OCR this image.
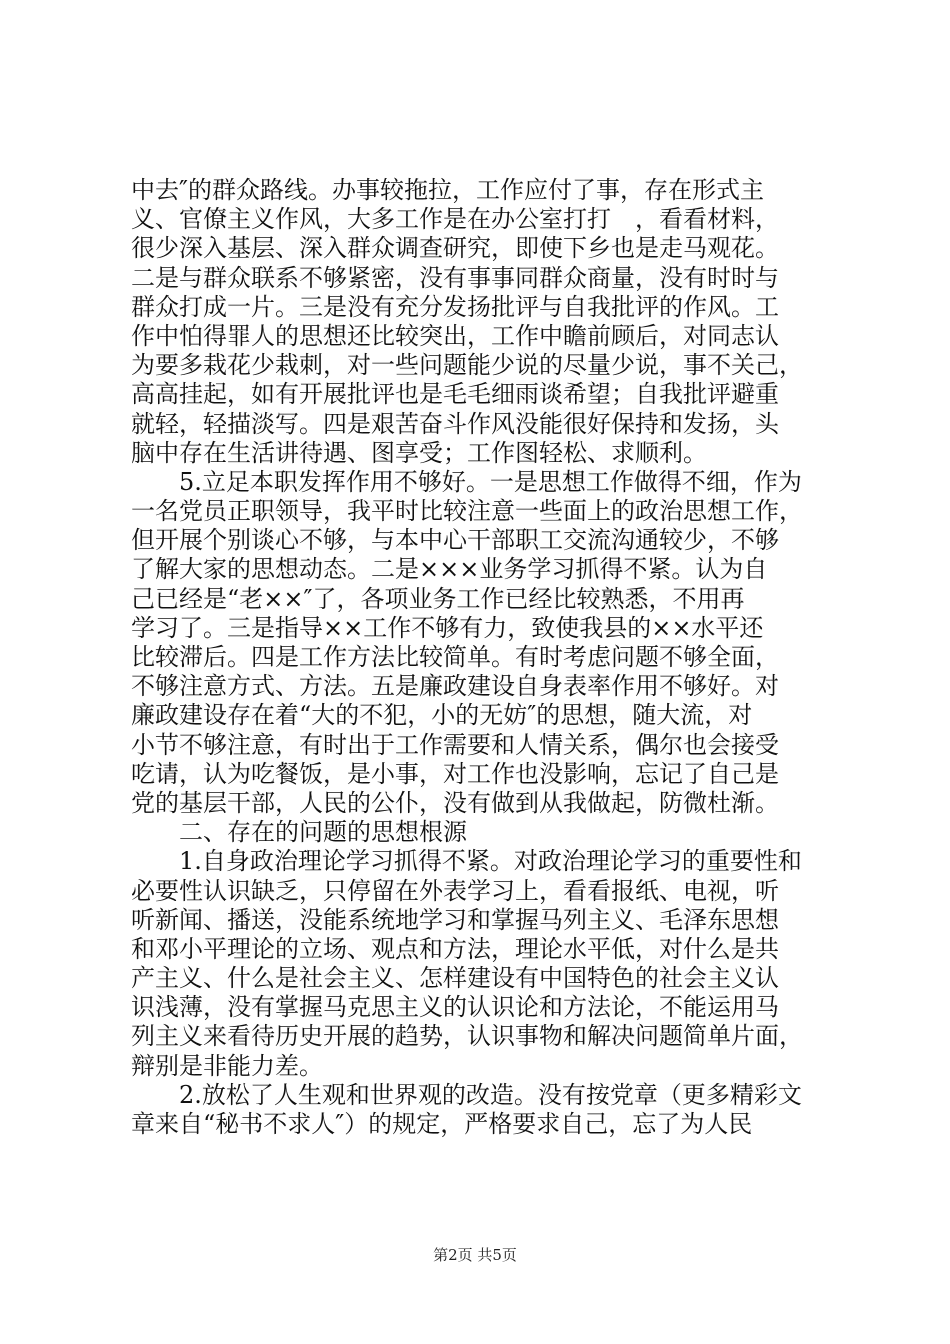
中去″的群众路线。办事较拖拉，工作应付了事，存在形式主
义、官僚主义作风，大多工作是在办公室打打　，看看材料，
很少深入基层、深入群众调查研究，即使下乡也是走马观花。
二是与群众联系不够紧密，没有事事同群众商量，没有时时与
群众打成一片。三是没有充分发扬批评与自我批评的作风。工
作中怕得罪人的思想还比较突出，工作中瞻前顾后，对同志认
为要多栽花少栽刺，对一些问题能少说的尽量少说，事不关己，
高高挂起，如有开展批评也是毛毛细雨谈希望；自我批评避重
就轻，轻描淡写。四是艰苦奋斗作风没能很好保持和发扬，头
脑中存在生活讲待遇、图享受；工作图轻松、求顺利。
　　5.立足本职发挥作用不够好。一是思想工作做得不细，作为
一名党员正职领导，我平时比较注意一些面上的政治思想工作，
但开展个别谈心不够，与本中心干部职工交流沟通较少，不够
了解大家的思想动态。二是×××业务学习抓得不紧。认为自
己已经是“老××″了，各项业务工作已经比较熟悉，不用再
学习了。三是指导××工作不够有力，致使我县的××水平还
比较滞后。四是工作方法比较简单。有时考虑问题不够全面，
不够注意方式、方法。五是廉政建设自身表率作用不够好。对
廉政建设存在着“大的不犯，小的无妨″的思想，随大流，对
小节不够注意，有时出于工作需要和人情关系，偶尔也会接受
吃请，认为吃餐饭，是小事，对工作也没影响，忘记了自己是
党的基层干部，人民的公仆，没有做到从我做起，防微杜渐。
　　二、存在的问题的思想根源
　　1.自身政治理论学习抓得不紧。对政治理论学习的重要性和
必要性认识缺乏，只停留在外表学习上，看看报纸、电视，听
听新闻、播送，没能系统地学习和掌握马列主义、毛泽东思想
和邓小平理论的立场、观点和方法，理论水平低，对什么是共
产主义、什么是社会主义、怎样建设有中国特色的社会主义认
识浅薄，没有掌握马克思主义的认识论和方法论，不能运用马
列主义来看待历史开展的趋势，认识事物和解决问题简单片面，
辩别是非能力差。
　　2.放松了人生观和世界观的改造。没有按党章（更多精彩文
章来自“秘书不求人″）的规定，严格要求自己，忘了为人民
第2页 共5页
